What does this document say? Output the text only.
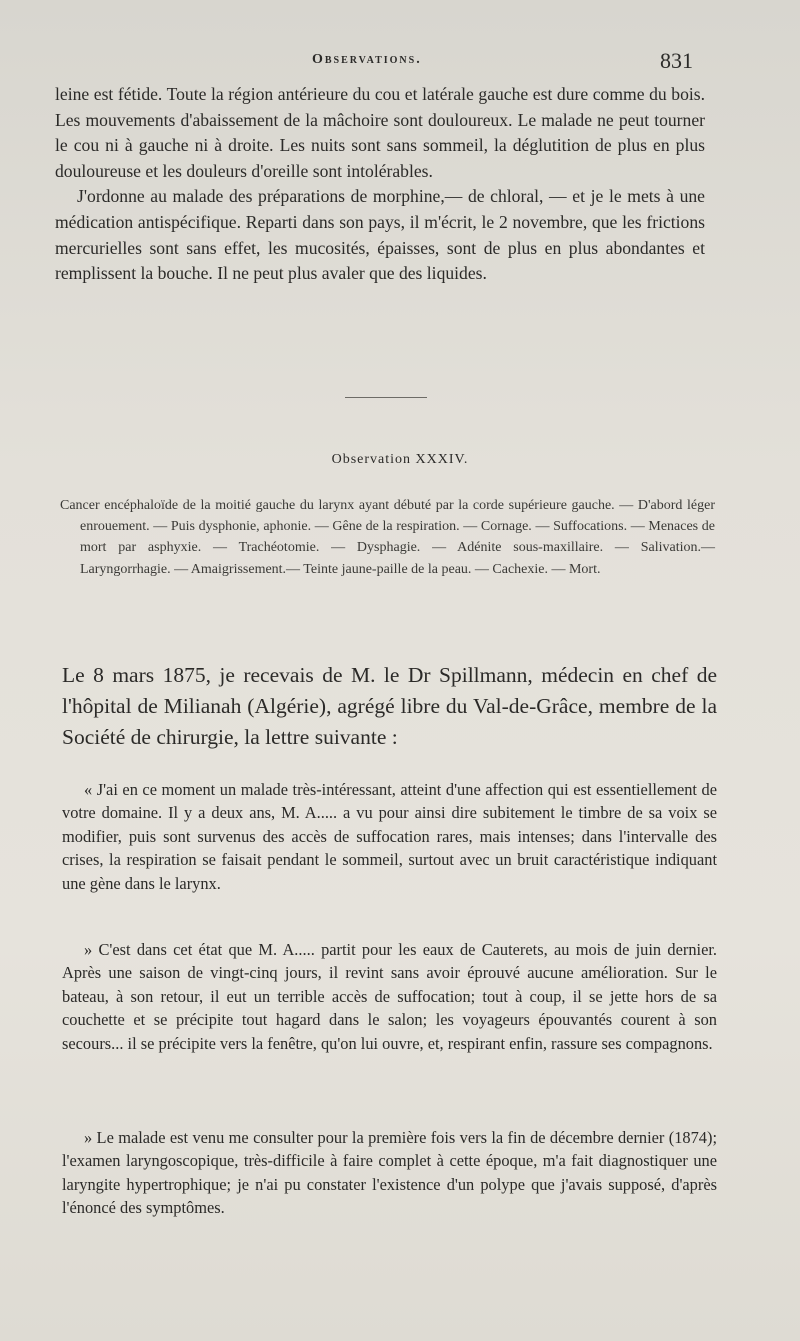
Observations.	831
leine est fétide. Toute la région antérieure du cou et latérale gauche est dure comme du bois. Les mouvements d'abaissement de la mâchoire sont douloureux. Le malade ne peut tourner le cou ni à gauche ni à droite. Les nuits sont sans sommeil, la déglutition de plus en plus douloureuse et les douleurs d'oreille sont intolérables.
J'ordonne au malade des préparations de morphine,— de chloral, — et je le mets à une médication antispécifique. Reparti dans son pays, il m'écrit, le 2 novembre, que les frictions mercurielles sont sans effet, les mucosités, épaisses, sont de plus en plus abondantes et remplissent la bouche. Il ne peut plus avaler que des liquides.
Observation XXXIV.
Cancer encéphaloïde de la moitié gauche du larynx ayant débuté par la corde supérieure gauche. — D'abord léger enrouement. — Puis dysphonie, aphonie. — Gêne de la respiration. — Cornage. — Suffocations. — Menaces de mort par asphyxie. — Trachéotomie. — Dysphagie. — Adénite sous-maxillaire. — Salivation.— Laryngorrhagie. — Amaigrissement.— Teinte jaune-paille de la peau. — Cachexie. — Mort.
Le 8 mars 1875, je recevais de M. le Dr Spillmann, médecin en chef de l'hôpital de Milianah (Algérie), agrégé libre du Val-de-Grâce, membre de la Société de chirurgie, la lettre suivante :
« J'ai en ce moment un malade très-intéressant, atteint d'une affection qui est essentiellement de votre domaine. Il y a deux ans, M. A..... a vu pour ainsi dire subitement le timbre de sa voix se modifier, puis sont survenus des accès de suffocation rares, mais intenses; dans l'intervalle des crises, la respiration se faisait pendant le sommeil, surtout avec un bruit caractéristique indiquant une gène dans le larynx.
» C'est dans cet état que M. A..... partit pour les eaux de Cauterets, au mois de juin dernier. Après une saison de vingt-cinq jours, il revint sans avoir éprouvé aucune amélioration. Sur le bateau, à son retour, il eut un terrible accès de suffocation; tout à coup, il se jette hors de sa couchette et se précipite tout hagard dans le salon; les voyageurs épouvantés courent à son secours... il se précipite vers la fenêtre, qu'on lui ouvre, et, respirant enfin, rassure ses compagnons.
» Le malade est venu me consulter pour la première fois vers la fin de décembre dernier (1874); l'examen laryngoscopique, très-difficile à faire complet à cette époque, m'a fait diagnostiquer une laryngite hypertrophique; je n'ai pu constater l'existence d'un polype que j'avais supposé, d'après l'énoncé des symptômes.
